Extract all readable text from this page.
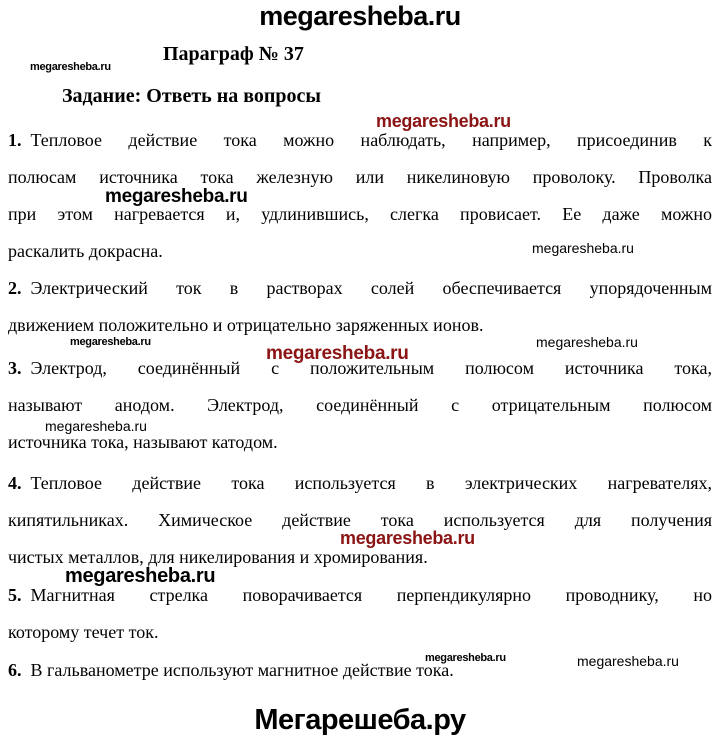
megaresheba.ru
megaresheba.ru
Параграф № 37
Задание: Ответь на вопросы
megaresheba.ru
1. Тепловое действие тока можно наблюдать, например, присоединив к
полюсам источника тока железную или никелиновую проволоку. Проволка
при этом нагревается и, удлинившись, слегка провисает. Ее даже можно
раскалить докрасна.
megaresheba.ru
megaresheba.ru
2. Электрический ток в растворах солей обеспечивается упорядоченным
движением положительно и отрицательно заряженных ионов.
megaresheba.ru
megaresheba.ru
megaresheba.ru
3. Электрод, соединённый с положительным полюсом источника тока,
называют анодом. Электрод, соединённый с отрицательным полюсом
источника тока, называют катодом.
megaresheba.ru
4. Тепловое действие тока используется в электрических нагревателях,
кипятильниках. Химическое действие тока используется для получения
чистых металлов, для никелирования и хромирования.
megaresheba.ru
megaresheba.ru
5. Магнитная стрелка поворачивается перпендикулярно проводнику, но
которому течет ток.
megaresheba.ru	megaresheba.ru
6. В гальванометре используют магнитное действие тока.
Мегарешеба.ру
